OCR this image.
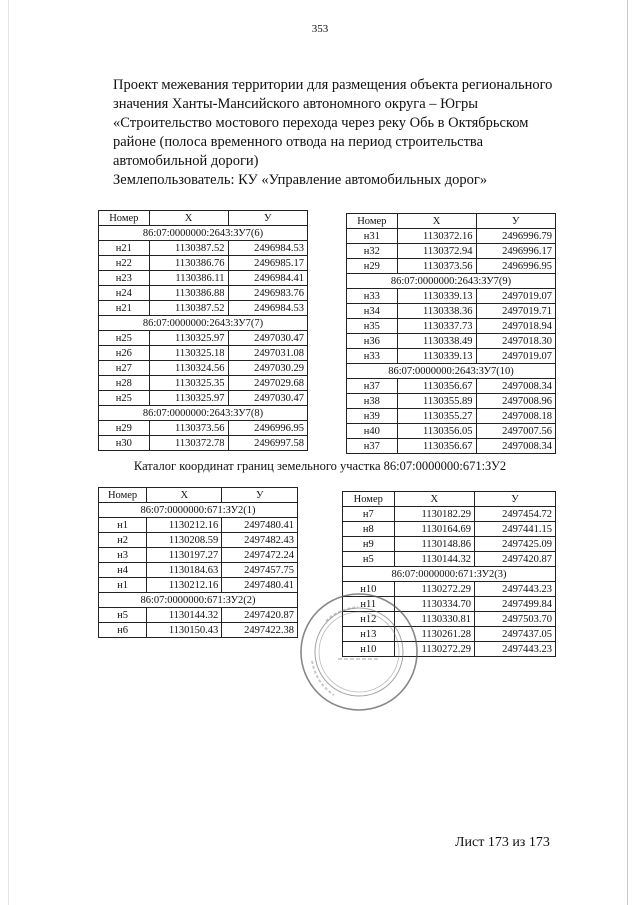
353

Проект межевания территории для размещения объекта регионального

значения Ханты-Мансийского автономного округа – Югры

«Строительство мостового перехода через реку Обь в Октябрьском

районе (полоса временного отвода на период строительства

автомобильной дороги)

Землепользователь: КУ «Управление автомобильных дорог»

Номер	X	У
86:07:0000000:2643:ЗУ7(6)		
н21	1130387.52	2496984.53
н22	1130386.76	2496985.17
н23	1130386.11	2496984.41
н24	1130386.88	2496983.76
н21	1130387.52	2496984.53
86:07:0000000:2643:ЗУ7(7)		
н25	1130325.97	2497030.47
н26	1130325.18	2497031.08
н27	1130324.56	2497030.29
н28	1130325.35	2497029.68
н25	1130325.97	2497030.47
86:07:0000000:2643:ЗУ7(8)		
н29	1130373.56	2496996.95
н30	1130372.78	2496997.58
Номер	X	У
н31	1130372.16	2496996.79
н32	1130372.94	2496996.17
н29	1130373.56	2496996.95
86:07:0000000:2643:ЗУ7(9)		
н33	1130339.13	2497019.07
н34	1130338.36	2497019.71
н35	1130337.73	2497018.94
н36	1130338.49	2497018.30
н33	1130339.13	2497019.07
86:07:0000000:2643:ЗУ7(10)		
н37	1130356.67	2497008.34
н38	1130355.89	2497008.96
н39	1130355.27	2497008.18
н40	1130356.05	2497007.56
н37	1130356.67	2497008.34
Каталог координат границ земельного участка 86:07:0000000:671:ЗУ2
Номер	X	У
86:07:0000000:671:ЗУ2(1)		
н1	1130212.16	2497480.41
н2	1130208.59	2497482.43
н3	1130197.27	2497472.24
н4	1130184.63	2497457.75
н1	1130212.16	2497480.41
86:07:0000000:671:ЗУ2(2)		
н5	1130144.32	2497420.87
н6	1130150.43	2497422.38
Номер	X	У
н7	1130182.29	2497454.72
н8	1130164.69	2497441.15
н9	1130148.86	2497425.09
н5	1130144.32	2497420.87
86:07:0000000:671:ЗУ2(3)		
н10	1130272.29	2497443.23
н11	1130334.70	2497499.84
н12	1130330.81	2497503.70
н13	1130261.28	2497437.05
н10	1130272.29	2497443.23
Лист 173 из 173
